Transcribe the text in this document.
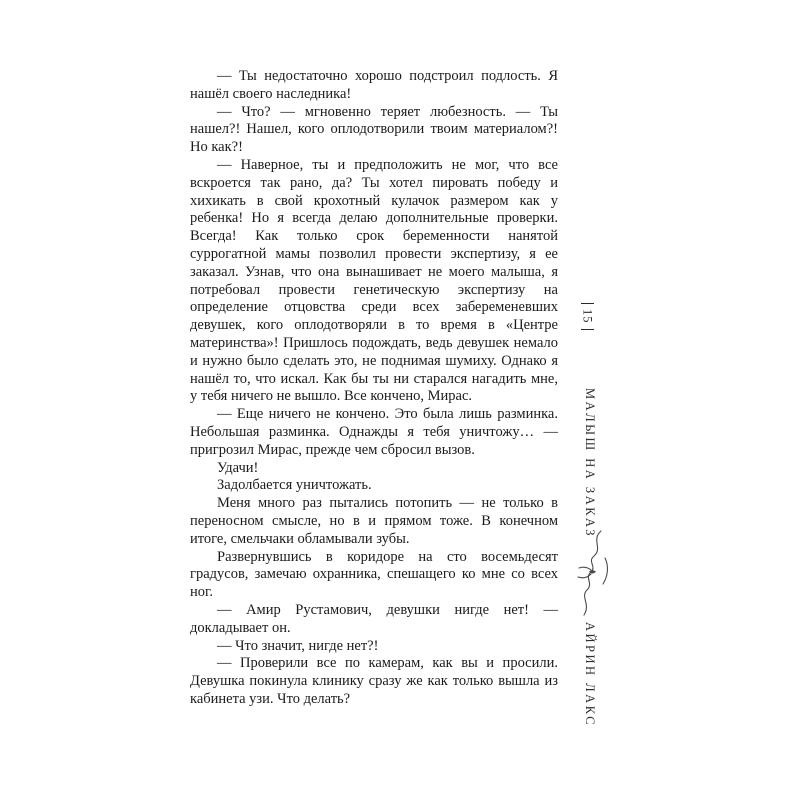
— Ты недостаточно хорошо подстроил подлость. Я нашёл своего наследника!

— Что? — мгновенно теряет любезность. — Ты нашел?! Нашел, кого оплодотворили твоим материалом?! Но как?!

— Наверное, ты и предположить не мог, что все вскроется так рано, да? Ты хотел пировать победу и хихикать в свой крохотный кулачок размером как у ребенка! Но я всегда делаю дополнительные проверки. Всегда! Как только срок беременности нанятой суррогатной мамы позволил провести экспертизу, я ее заказал. Узнав, что она вынашивает не моего малыша, я потребовал провести генетическую экспертизу на определение отцовства среди всех забеременевших девушек, кого оплодотворяли в то время в «Центре материнства»! Пришлось подождать, ведь девушек немало и нужно было сделать это, не поднимая шумиху. Однако я нашёл то, что искал. Как бы ты ни старался нагадить мне, у тебя ничего не вышло. Все кончено, Мирас.

— Еще ничего не кончено. Это была лишь разминка. Небольшая разминка. Однажды я тебя уничтожу… — пригрозил Мирас, прежде чем сбросил вызов.

Удачи!

Задолбается уничтожать.

Меня много раз пытались потопить — не только в переносном смысле, но в и прямом тоже. В конечном итоге, смельчаки обламывали зубы.

Развернувшись в коридоре на сто восемьдесят градусов, замечаю охранника, спешащего ко мне со всех ног.

— Амир Рустамович, девушки нигде нет! — докладывает он.

— Что значит, нигде нет?!

— Проверили все по камерам, как вы и просили. Девушка покинула клинику сразу же как только вышла из кабинета узи. Что делать?

15
МАЛЫШ НА ЗАКАЗ
АЙРИН ЛАКС
